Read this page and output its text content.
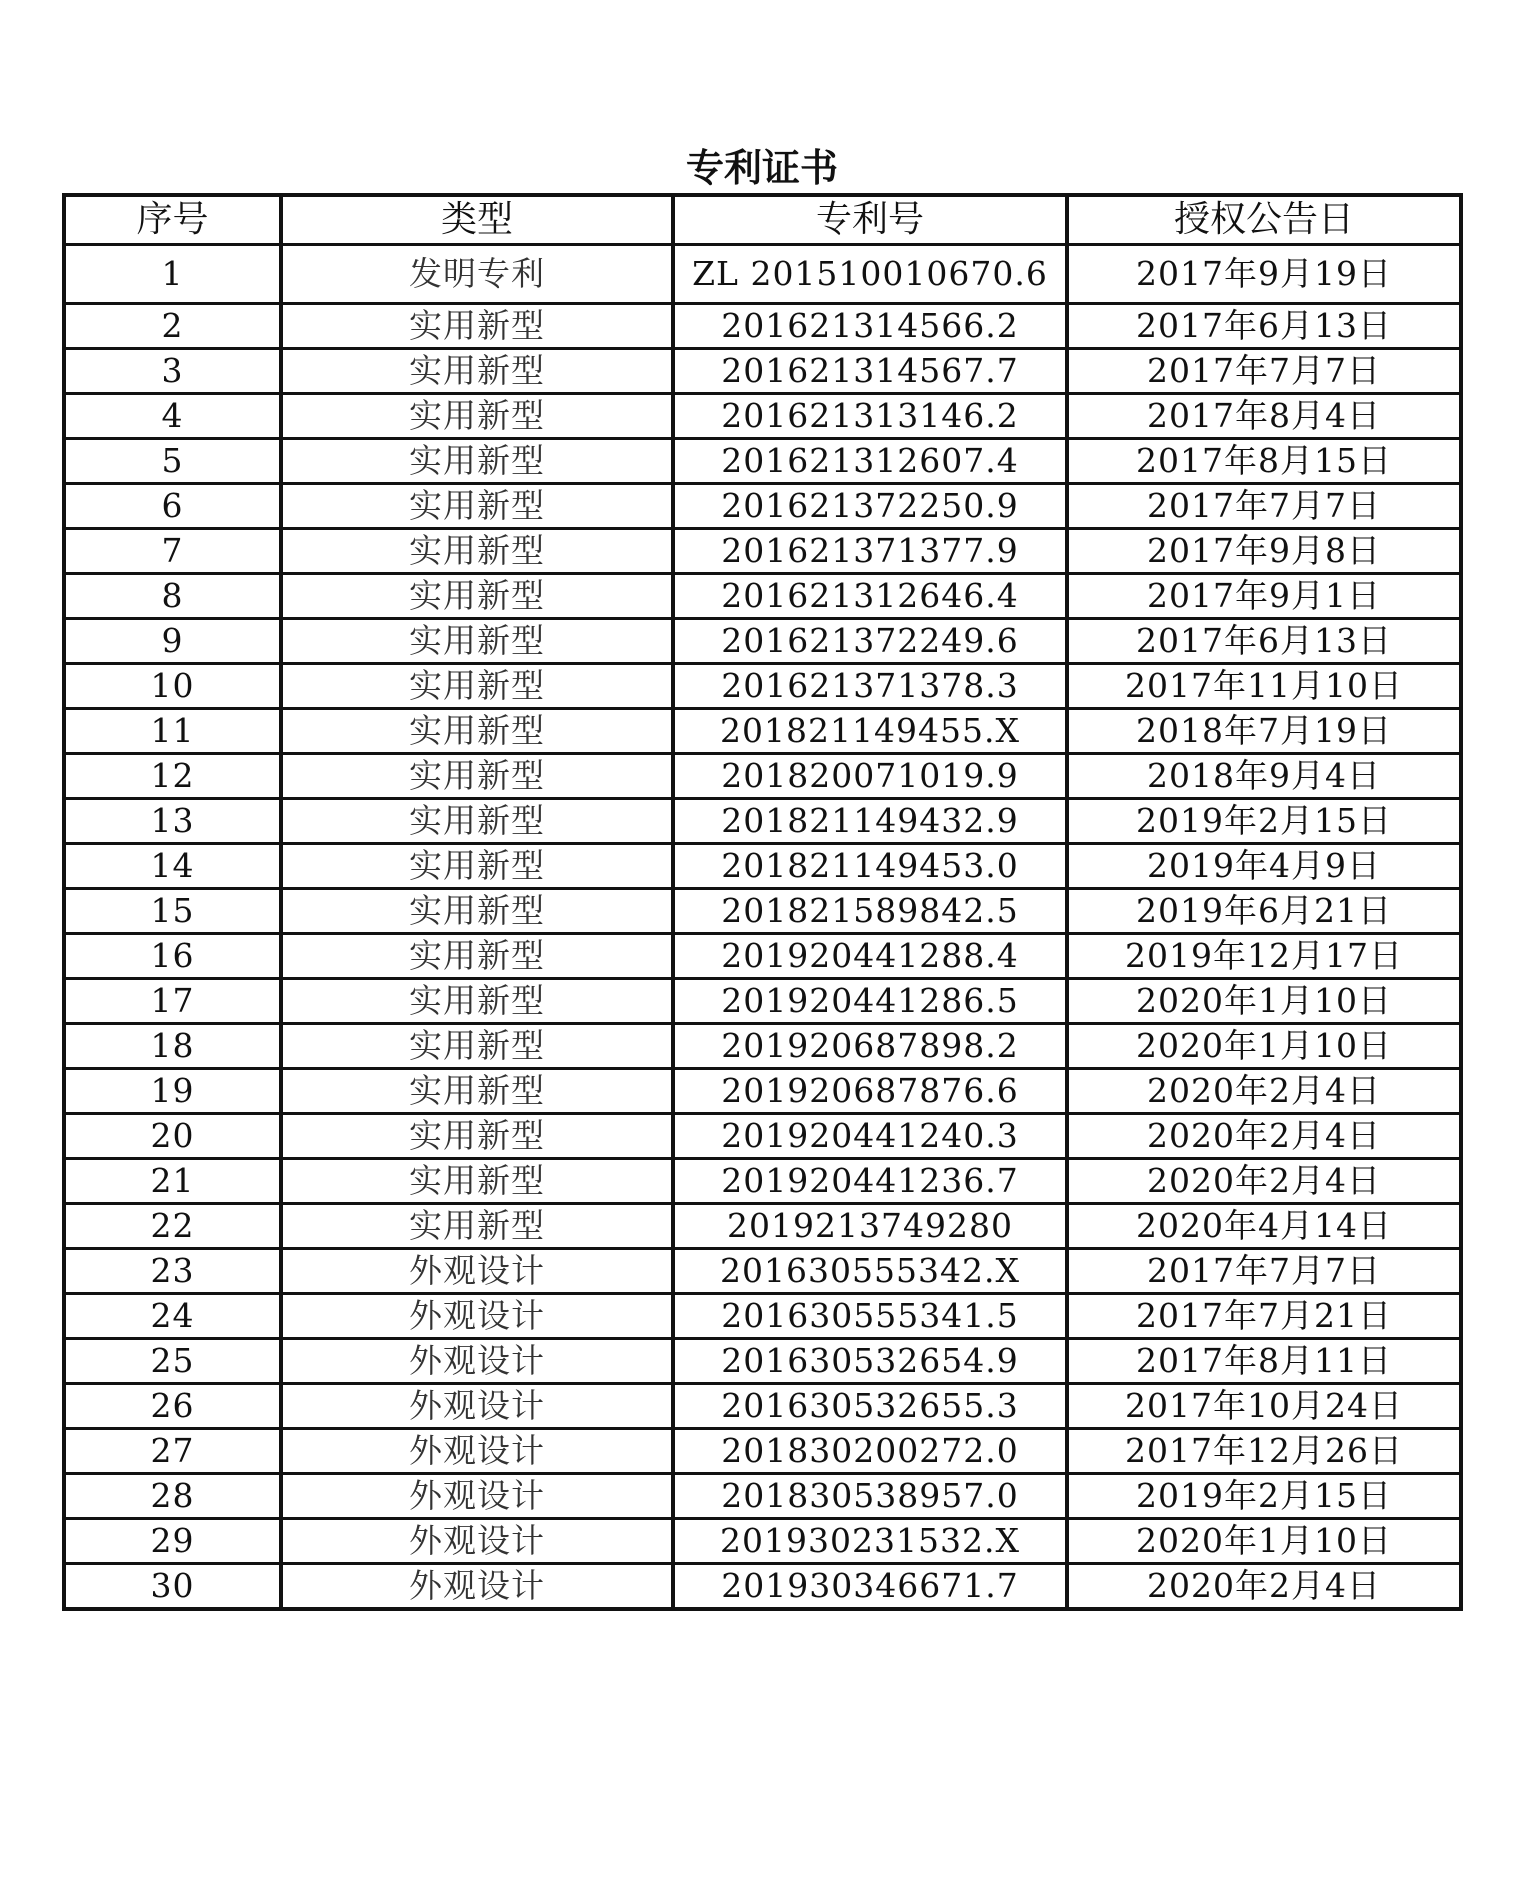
专利证书
序号	类型	专利号	授权公告日
1	发明专利	ZL 201510010670.6	2017年9月19日
2	实用新型	201621314566.2	2017年6月13日
3	实用新型	201621314567.7	2017年7月7日
4	实用新型	201621313146.2	2017年8月4日
5	实用新型	201621312607.4	2017年8月15日
6	实用新型	201621372250.9	2017年7月7日
7	实用新型	201621371377.9	2017年9月8日
8	实用新型	201621312646.4	2017年9月1日
9	实用新型	201621372249.6	2017年6月13日
10	实用新型	201621371378.3	2017年11月10日
11	实用新型	201821149455.X	2018年7月19日
12	实用新型	201820071019.9	2018年9月4日
13	实用新型	201821149432.9	2019年2月15日
14	实用新型	201821149453.0	2019年4月9日
15	实用新型	201821589842.5	2019年6月21日
16	实用新型	201920441288.4	2019年12月17日
17	实用新型	201920441286.5	2020年1月10日
18	实用新型	201920687898.2	2020年1月10日
19	实用新型	201920687876.6	2020年2月4日
20	实用新型	201920441240.3	2020年2月4日
21	实用新型	201920441236.7	2020年2月4日
22	实用新型	2019213749280	2020年4月14日
23	外观设计	201630555342.X	2017年7月7日
24	外观设计	201630555341.5	2017年7月21日
25	外观设计	201630532654.9	2017年8月11日
26	外观设计	201630532655.3	2017年10月24日
27	外观设计	201830200272.0	2017年12月26日
28	外观设计	201830538957.0	2019年2月15日
29	外观设计	201930231532.X	2020年1月10日
30	外观设计	201930346671.7	2020年2月4日
